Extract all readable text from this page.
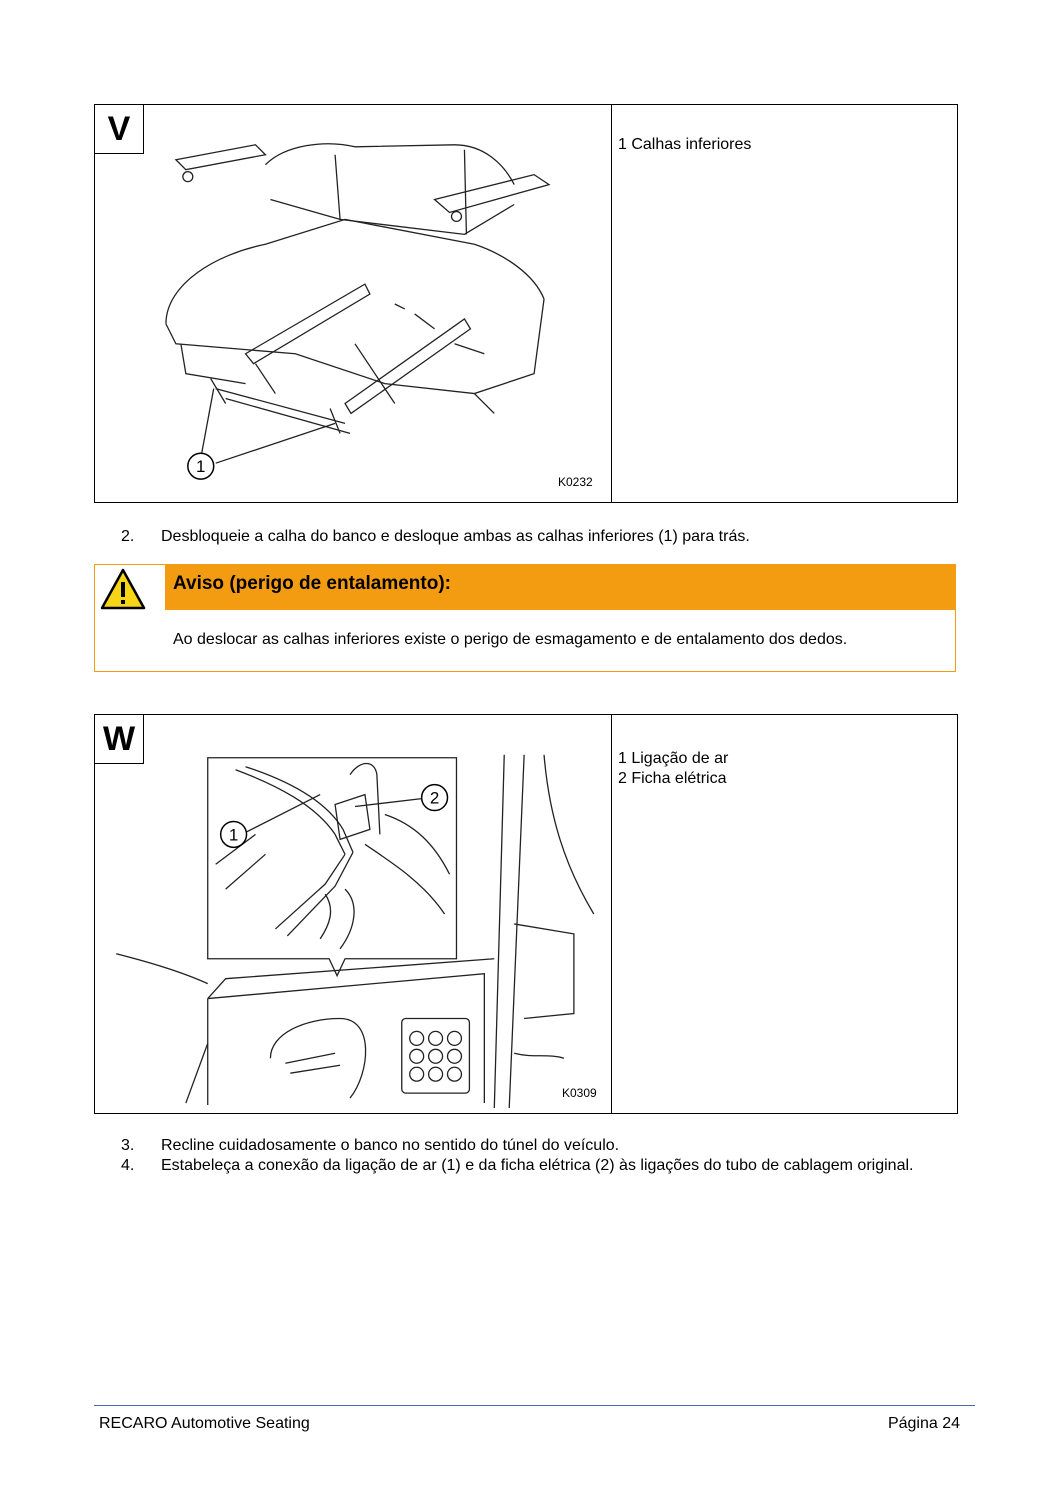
1
K0232
V	1 Calhas inferiores
2.	Desbloqueie a calha do banco e desloque ambas as calhas inferiores (1) para trás.
Aviso (perigo de entalamento):
Ao deslocar as calhas inferiores existe o perigo de esmagamento e de entalamento dos dedos.
1
2
K0309
W
1 Ligação de ar
2 Ficha elétrica
3.	Recline cuidadosamente o banco no sentido do túnel do veículo.
4.	Estabeleça a conexão da ligação de ar (1) e da ficha elétrica (2) às ligações do tubo de cablagem original.
RECARO Automotive Seating	Página 24
